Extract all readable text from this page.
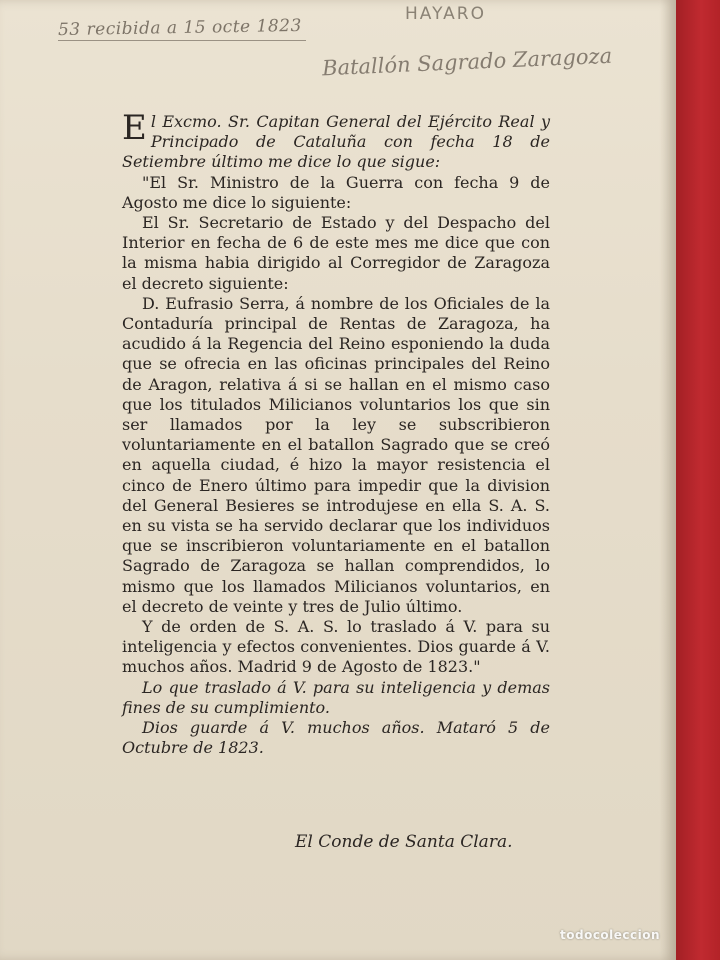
53 recibida a 15 octe 1823
HAYARO
Batallón Sagrado Zaragoza

El Excmo. Sr. Capitan General del Ejército Real y Principado de Cataluña con fecha 18 de Setiembre último me dice lo que sigue:

"El Sr. Ministro de la Guerra con fecha 9 de Agosto me dice lo siguiente:

El Sr. Secretario de Estado y del Despacho del Interior en fecha de 6 de este mes me dice que con la misma habia dirigido al Corregidor de Zaragoza el decreto siguiente:

D. Eufrasio Serra, á nombre de los Oficiales de la Contaduría principal de Rentas de Zaragoza, ha acudido á la Regencia del Reino esponiendo la duda que se ofrecia en las oficinas principales del Reino de Aragon, relativa á si se hallan en el mismo caso que los titulados Milicianos voluntarios los que sin ser llamados por la ley se subscribieron voluntariamente en el batallon Sagrado que se creó en aquella ciudad, é hizo la mayor resistencia el cinco de Enero último para impedir que la division del General Besieres se introdujese en ella S. A. S. en su vista se ha servido declarar que los individuos que se inscribieron voluntariamente en el batallon Sagrado de Zaragoza se hallan comprendidos, lo mismo que los llamados Milicianos voluntarios, en el decreto de veinte y tres de Julio último.

Y de orden de S. A. S. lo traslado á V. para su inteligencia y efectos convenientes. Dios guarde á V. muchos años. Madrid 9 de Agosto de 1823."

Lo que traslado á V. para su inteligencia y demas fines de su cumplimiento.

Dios guarde á V. muchos años. Mataró 5 de Octubre de 1823.

El Conde de Santa Clara.
todocoleccion
